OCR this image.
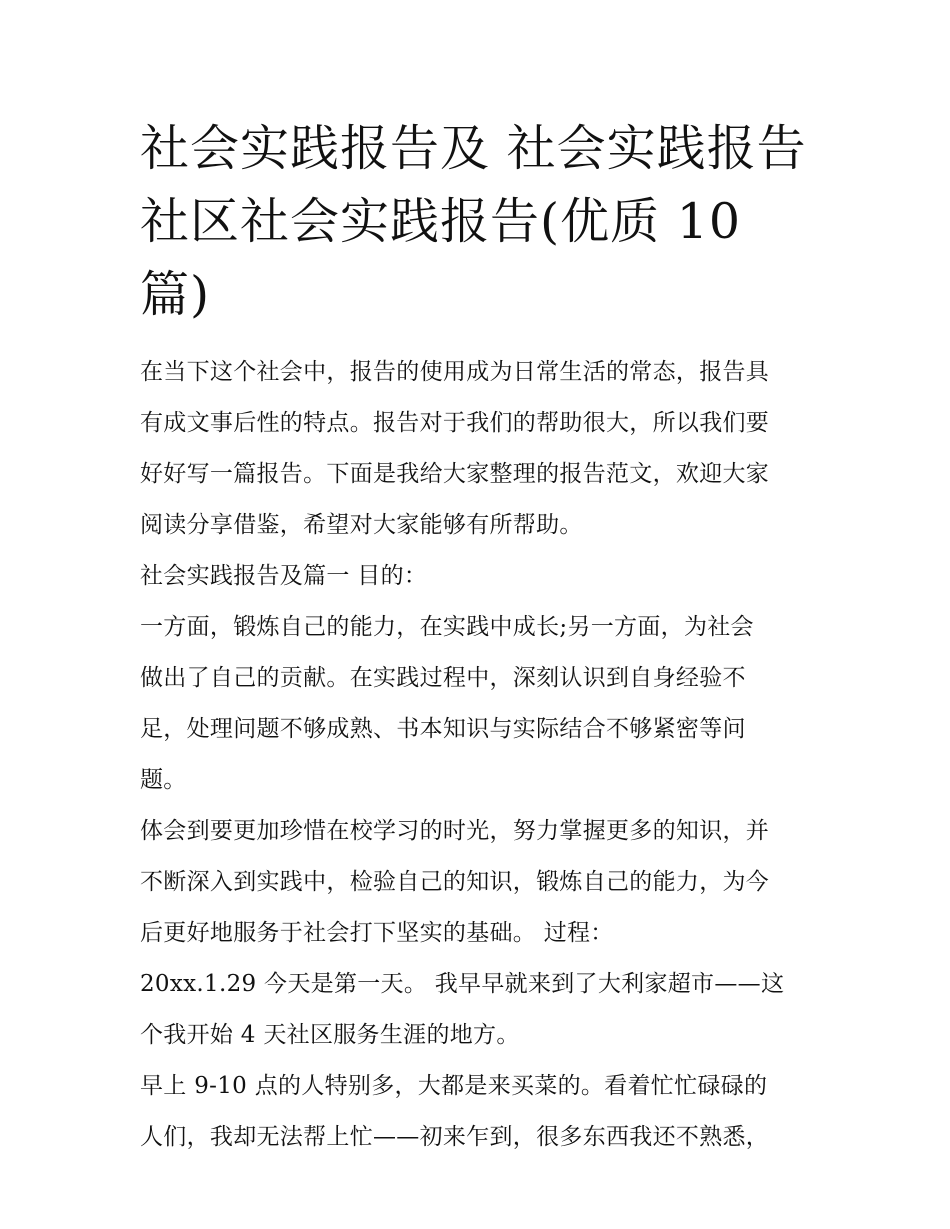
社会实践报告及 社会实践报告
社区社会实践报告(优质 10 篇)

在当下这个社会中，报告的使用成为日常生活的常态，报告具
有成文事后性的特点。报告对于我们的帮助很大，所以我们要
好好写一篇报告。下面是我给大家整理的报告范文，欢迎大家
阅读分享借鉴，希望对大家能够有所帮助。

社会实践报告及篇一 目的：

一方面，锻炼自己的能力，在实践中成长;另一方面，为社会
做出了自己的贡献。在实践过程中，深刻认识到自身经验不
足，处理问题不够成熟、书本知识与实际结合不够紧密等问
题。

体会到要更加珍惜在校学习的时光，努力掌握更多的知识，并
不断深入到实践中，检验自己的知识，锻炼自己的能力，为今
后更好地服务于社会打下坚实的基础。 过程：

20xx.1.29 今天是第一天。 我早早就来到了大利家超市——这
个我开始 4 天社区服务生涯的地方。

早上 9-10 点的人特别多，大都是来买菜的。看着忙忙碌碌的
人们，我却无法帮上忙——初来乍到，很多东西我还不熟悉，
